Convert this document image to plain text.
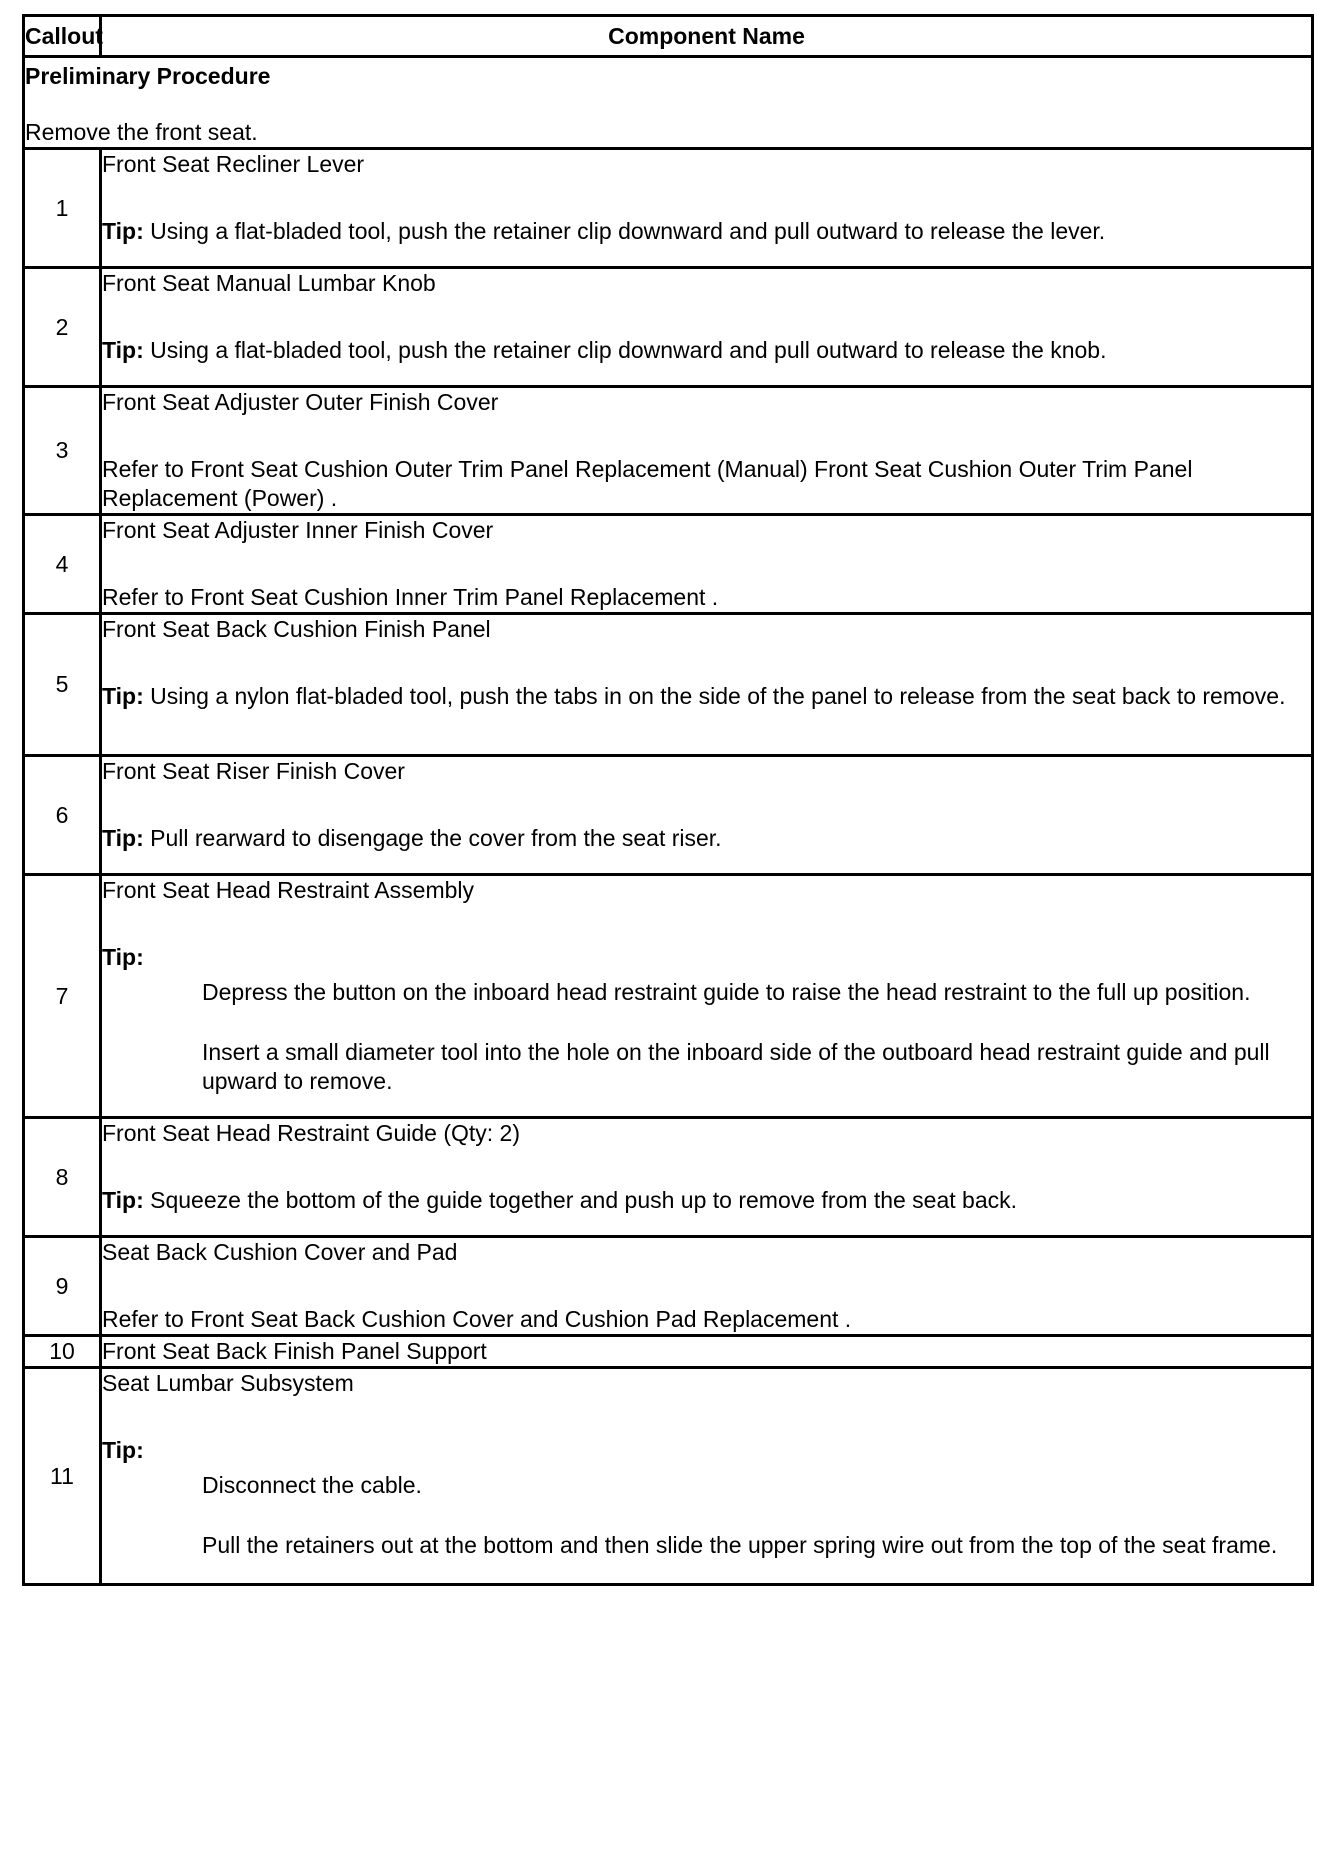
Callout	Component Name

Preliminary Procedure
Remove the front seat.	

1	Front Seat Recliner Lever
Tip: Using a flat-bladed tool, push the retainer clip downward and pull outward to release the lever.

2	Front Seat Manual Lumbar Knob
Tip: Using a flat-bladed tool, push the retainer clip downward and pull outward to release the knob.

3	Front Seat Adjuster Outer Finish Cover
Refer to Front Seat Cushion Outer Trim Panel Replacement (Manual) Front Seat Cushion Outer Trim Panel Replacement (Power) .

4	Front Seat Adjuster Inner Finish Cover
Refer to Front Seat Cushion Inner Trim Panel Replacement .

5	Front Seat Back Cushion Finish Panel
Tip: Using a nylon flat-bladed tool, push the tabs in on the side of the panel to release from the seat back to remove.

6	Front Seat Riser Finish Cover
Tip: Pull rearward to disengage the cover from the seat riser.

7	Front Seat Head Restraint Assembly
Tip:
Depress the button on the inboard head restraint guide to raise the head restraint to the full up position.
Insert a small diameter tool into the hole on the inboard side of the outboard head restraint guide and pull upward to remove.

8	Front Seat Head Restraint Guide (Qty: 2)
Tip: Squeeze the bottom of the guide together and push up to remove from the seat back.

9	Seat Back Cushion Cover and Pad
Refer to Front Seat Back Cushion Cover and Cushion Pad Replacement .

10	Front Seat Back Finish Panel Support

11	Seat Lumbar Subsystem
Tip:
Disconnect the cable.
Pull the retainers out at the bottom and then slide the upper spring wire out from the top of the seat frame.
